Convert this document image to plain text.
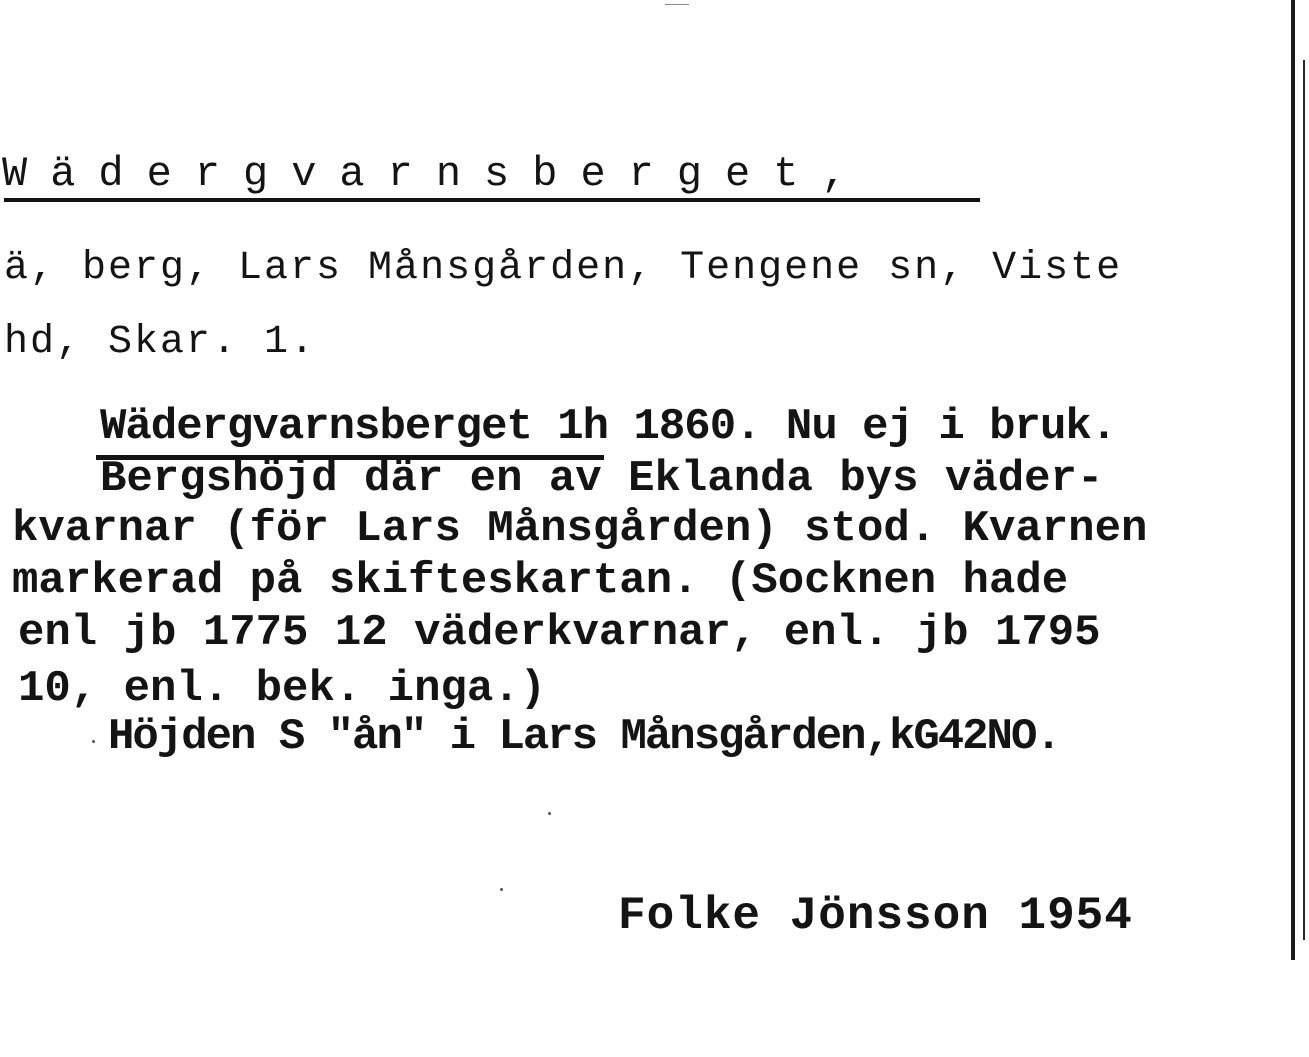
Wädergvarnsberget,
ä, berg, Lars Månsgården, Tengene sn, Viste
hd, Skar. 1.
Wädergvarnsberget 1h 1860. Nu ej i bruk.
Bergshöjd där en av Eklanda bys väder-
kvarnar (för Lars Månsgården) stod. Kvarnen
markerad på skifteskartan. (Socknen hade
enl jb 1775 12 väderkvarnar, enl. jb 1795
10, enl. bek. inga.)
Höjden S "ån" i Lars Månsgården,kG42NO.
Folke Jönsson 1954
